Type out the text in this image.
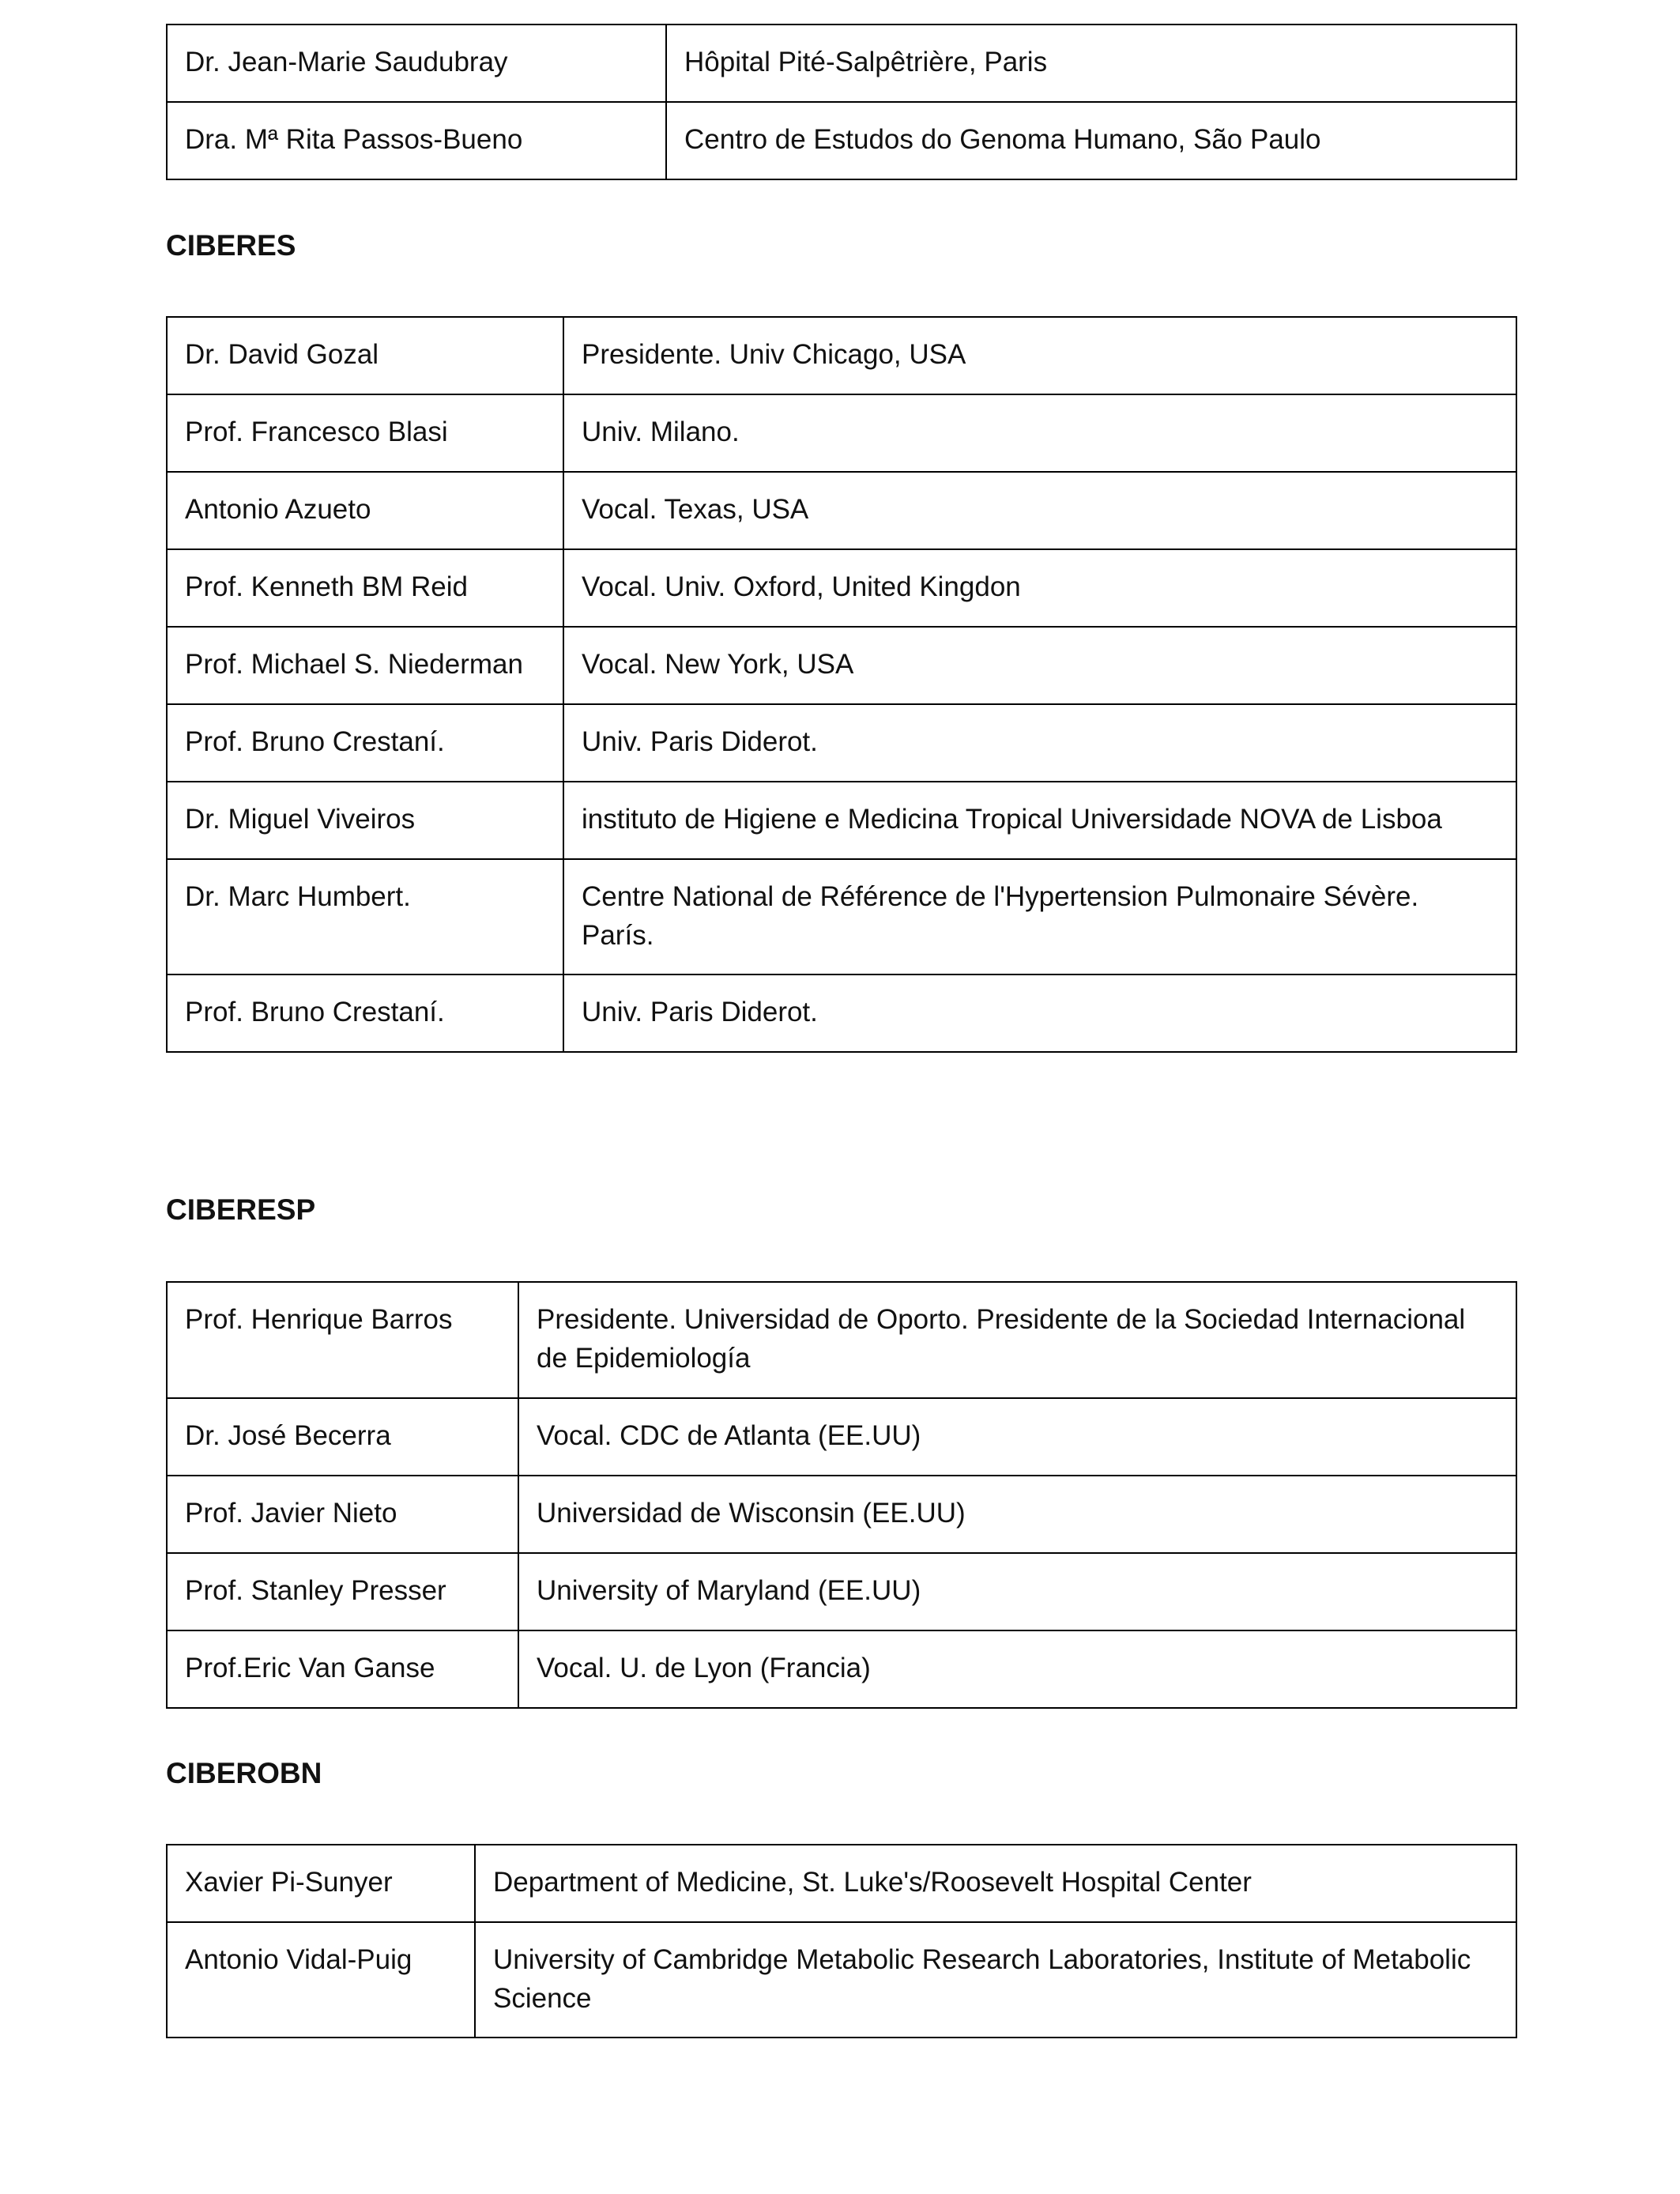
Dr. Jean-Marie Saudubray	Hôpital Pité-Salpêtrière, Paris
Dra. Mª Rita Passos-Bueno	Centro de Estudos do Genoma Humano, São Paulo
CIBERES
Dr. David Gozal	Presidente. Univ Chicago, USA
Prof. Francesco Blasi	Univ. Milano.
Antonio Azueto	Vocal. Texas, USA
Prof. Kenneth BM Reid	Vocal. Univ. Oxford, United Kingdon
Prof. Michael S. Niederman	Vocal. New York, USA
Prof. Bruno Crestaní.	Univ. Paris Diderot.
Dr. Miguel Viveiros	instituto de Higiene e Medicina Tropical Universidade NOVA de Lisboa
Dr. Marc Humbert.	Centre National de Référence de l'Hypertension Pulmonaire Sévère. París.
Prof. Bruno Crestaní.	Univ. Paris Diderot.
CIBERESP
Prof. Henrique Barros	Presidente. Universidad de Oporto. Presidente de la Sociedad Internacional de Epidemiología
Dr. José Becerra	Vocal. CDC de Atlanta (EE.UU)
Prof. Javier Nieto	Universidad de Wisconsin (EE.UU)
Prof. Stanley Presser	University of Maryland (EE.UU)
Prof.Eric Van Ganse	Vocal. U. de Lyon (Francia)
CIBEROBN
Xavier Pi-Sunyer	Department of Medicine, St. Luke's/Roosevelt Hospital Center
Antonio Vidal-Puig	University of Cambridge Metabolic Research Laboratories, Institute of Metabolic Science
